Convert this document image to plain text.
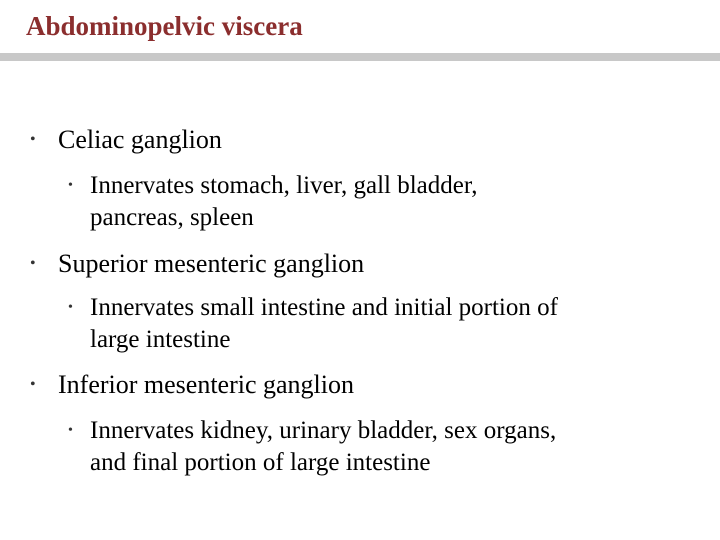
Abdominopelvic viscera
• Celiac ganglion
• Innervates stomach, liver, gall bladder,
pancreas, spleen
• Superior mesenteric ganglion
• Innervates small intestine and initial portion of
large intestine
• Inferior mesenteric ganglion
• Innervates kidney, urinary bladder, sex organs,
and final portion of large intestine
